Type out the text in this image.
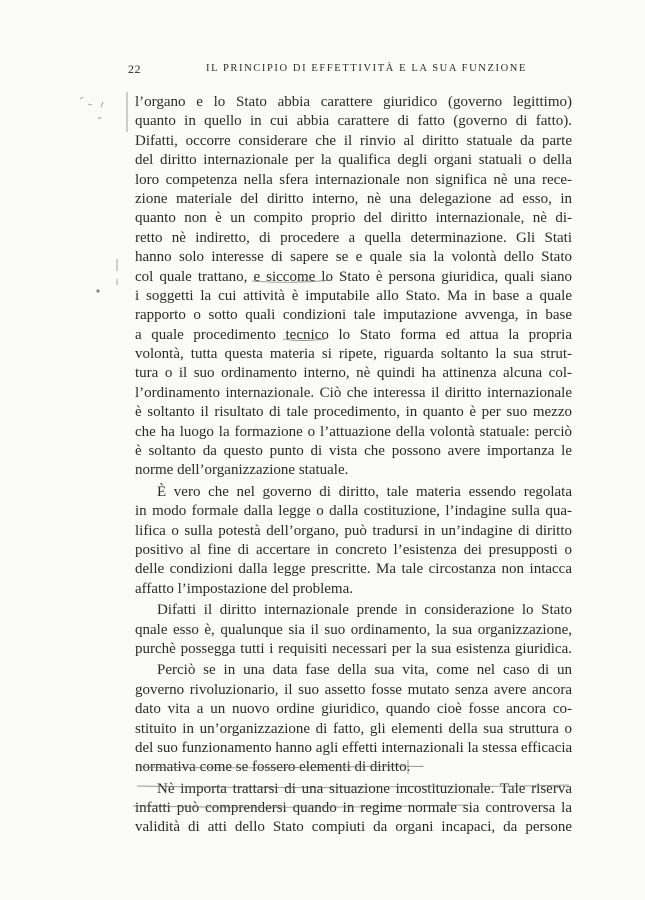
22	IL PRINCIPIO DI EFFETTIVITÀ E LA SUA FUNZIONE
l’organo e lo Stato abbia carattere giuridico (governo legittimo)
quanto in quello in cui abbia carattere di fatto (governo di fatto).
Difatti, occorre considerare che il rinvio al diritto statuale da parte
del diritto internazionale per la qualifica degli organi statuali o della
loro competenza nella sfera internazionale non significa nè una rece-
zione materiale del diritto interno, nè una delegazione ad esso, in
quanto non è un compito proprio del diritto internazionale, nè di-
retto nè indiretto, di procedere a quella determinazione. Gli Stati
hanno solo interesse di sapere se e quale sia la volontà dello Stato
col quale trattano, e siccome lo Stato è persona giuridica, quali siano
i soggetti la cui attività è imputabile allo Stato. Ma in base a quale
rapporto o sotto quali condizioni tale imputazione avvenga, in base
a quale procedimento tecnico lo Stato forma ed attua la propria
volontà, tutta questa materia si ripete, riguarda soltanto la sua strut-
tura o il suo ordinamento interno, nè quindi ha attinenza alcuna col-
l’ordinamento internazionale. Ciò che interessa il diritto internazionale
è soltanto il risultato di tale procedimento, in quanto è per suo mezzo
che ha luogo la formazione o l’attuazione della volontà statuale: perciò
è soltanto da questo punto di vista che possono avere importanza le
norme dell’organizzazione statuale.
È vero che nel governo di diritto, tale materia essendo regolata
in modo formale dalla legge o dalla costituzione, l’indagine sulla qua-
lifica o sulla potestà dell’organo, può tradursi in un’indagine di diritto
positivo al fine di accertare in concreto l’esistenza dei presupposti o
delle condizioni dalla legge prescritte. Ma tale circostanza non intacca
affatto l’impostazione del problema.
Difatti il diritto internazionale prende in considerazione lo Stato
qnale esso è, qualunque sia il suo ordinamento, la sua organizzazione,
purchè possegga tutti i requisiti necessari per la sua esistenza giuridica.
Perciò se in una data fase della sua vita, come nel caso di un
governo rivoluzionario, il suo assetto fosse mutato senza avere ancora
dato vita a un nuovo ordine giuridico, quando cioè fosse ancora co-
stituito in un’organizzazione di fatto, gli elementi della sua struttura o
del suo funzionamento hanno agli effetti internazionali la stessa efficacia
normativa come se fossero elementi di diritto.
Nè importa trattarsi di una situazione incostituzionale. Tale riserva
infatti può comprendersi quando in regime normale sia controversa la
validità di atti dello Stato compiuti da organi incapaci, da persone
